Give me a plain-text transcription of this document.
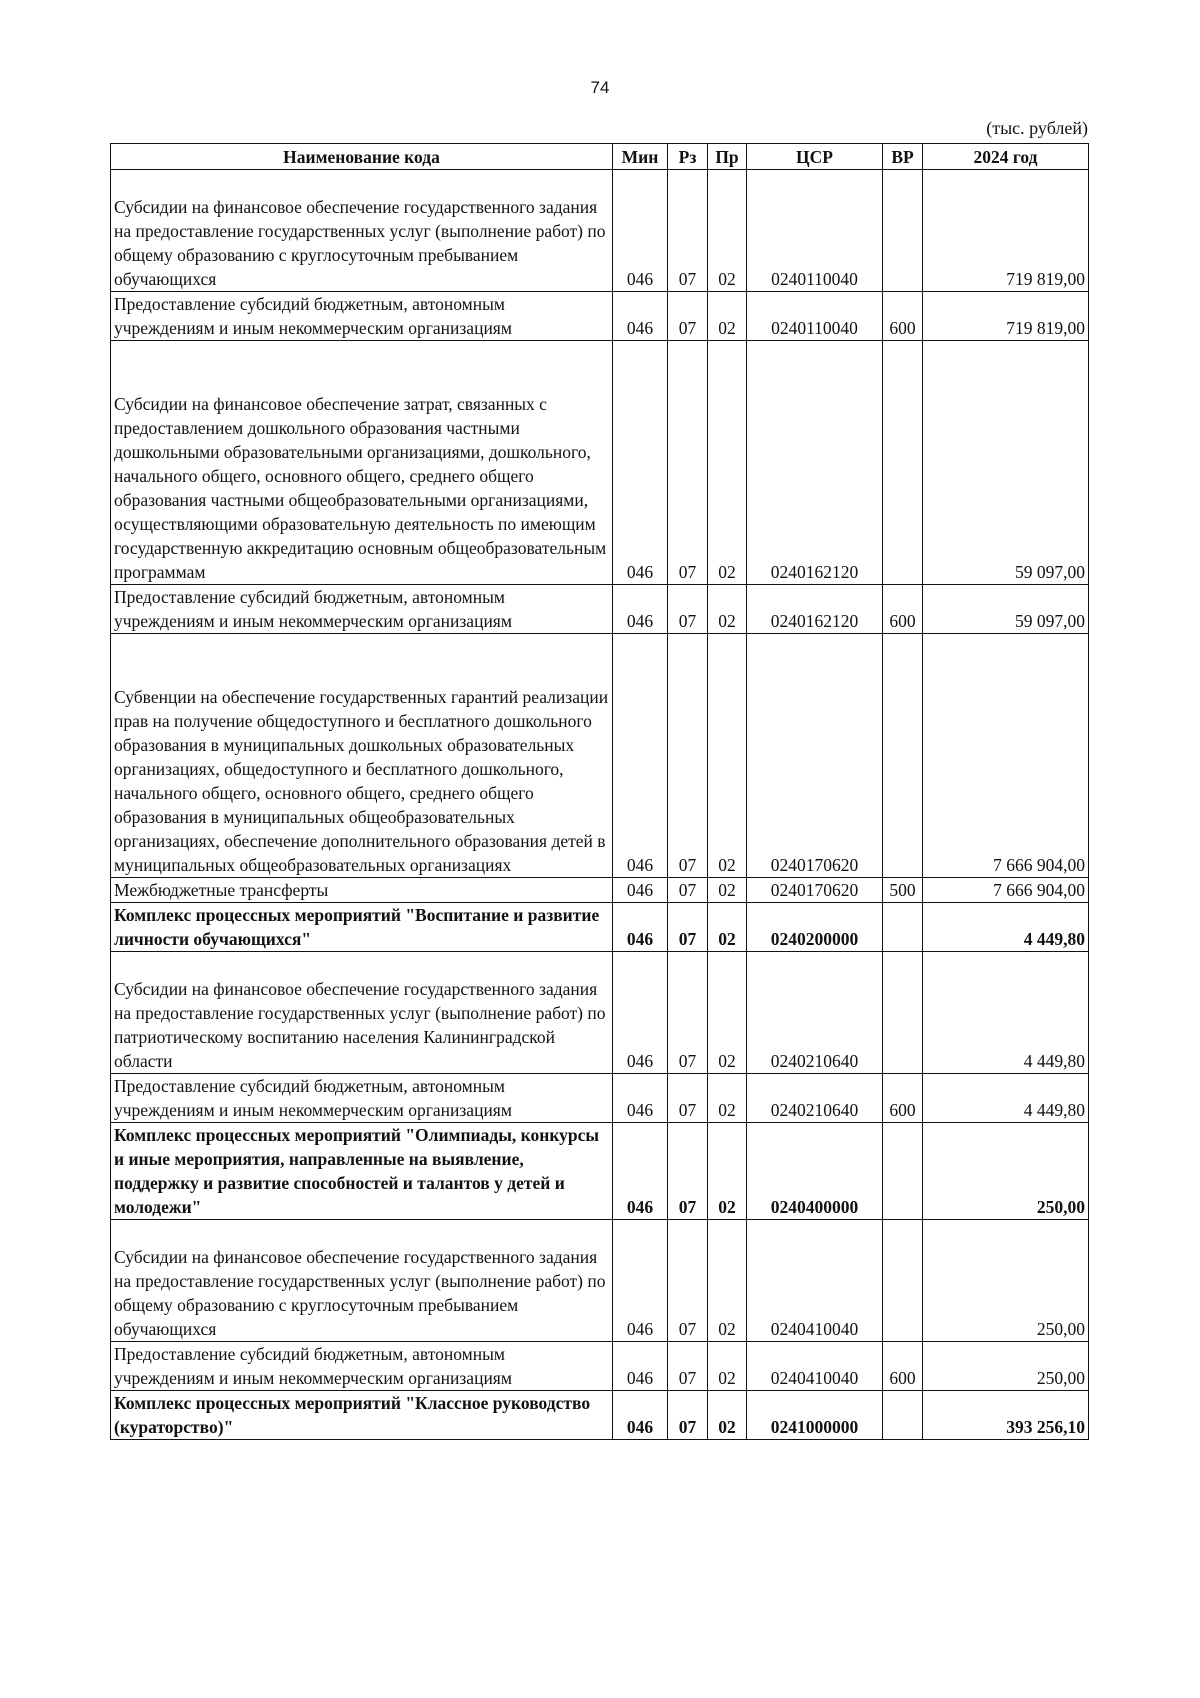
74
(тыс. рублей)
Наименование кода	Мин	Рз	Пр	ЦСР	ВР	2024 год
Субсидии на финансовое обеспечение государственного задания на предоставление государственных услуг (выполнение работ) по общему образованию с круглосуточным пребыванием обучающихся	046	07	02	0240110040		719 819,00
Предоставление субсидий бюджетным, автономным учреждениям и иным некоммерческим организациям	046	07	02	0240110040	600	719 819,00
Субсидии на финансовое обеспечение затрат, связанных с предоставлением дошкольного образования частными дошкольными образовательными организациями, дошкольного, начального общего, основного общего, среднего общего образования частными общеобразовательными организациями, осуществляющими образовательную деятельность по имеющим государственную аккредитацию основным общеобразовательным программам	046	07	02	0240162120		59 097,00
Предоставление субсидий бюджетным, автономным учреждениям и иным некоммерческим организациям	046	07	02	0240162120	600	59 097,00
Субвенции на обеспечение государственных гарантий реализации прав на получение общедоступного и бесплатного дошкольного образования в муниципальных дошкольных образовательных организациях, общедоступного и бесплатного дошкольного, начального общего, основного общего, среднего общего образования в муниципальных общеобразовательных организациях, обеспечение дополнительного образования детей в муниципальных общеобразовательных организациях	046	07	02	0240170620		7 666 904,00
Межбюджетные трансферты	046	07	02	0240170620	500	7 666 904,00
Комплекс процессных мероприятий "Воспитание и развитие личности обучающихся"	046	07	02	0240200000		4 449,80
Субсидии на финансовое обеспечение государственного задания на предоставление государственных услуг (выполнение работ) по патриотическому воспитанию населения Калининградской области	046	07	02	0240210640		4 449,80
Предоставление субсидий бюджетным, автономным учреждениям и иным некоммерческим организациям	046	07	02	0240210640	600	4 449,80
Комплекс процессных мероприятий "Олимпиады, конкурсы и иные мероприятия, направленные на выявление, поддержку и развитие способностей и талантов у детей и молодежи"	046	07	02	0240400000		250,00
Субсидии на финансовое обеспечение государственного задания на предоставление государственных услуг (выполнение работ) по общему образованию с круглосуточным пребыванием обучающихся	046	07	02	0240410040		250,00
Предоставление субсидий бюджетным, автономным учреждениям и иным некоммерческим организациям	046	07	02	0240410040	600	250,00
Комплекс процессных мероприятий "Классное руководство (кураторство)"	046	07	02	0241000000		393 256,10
